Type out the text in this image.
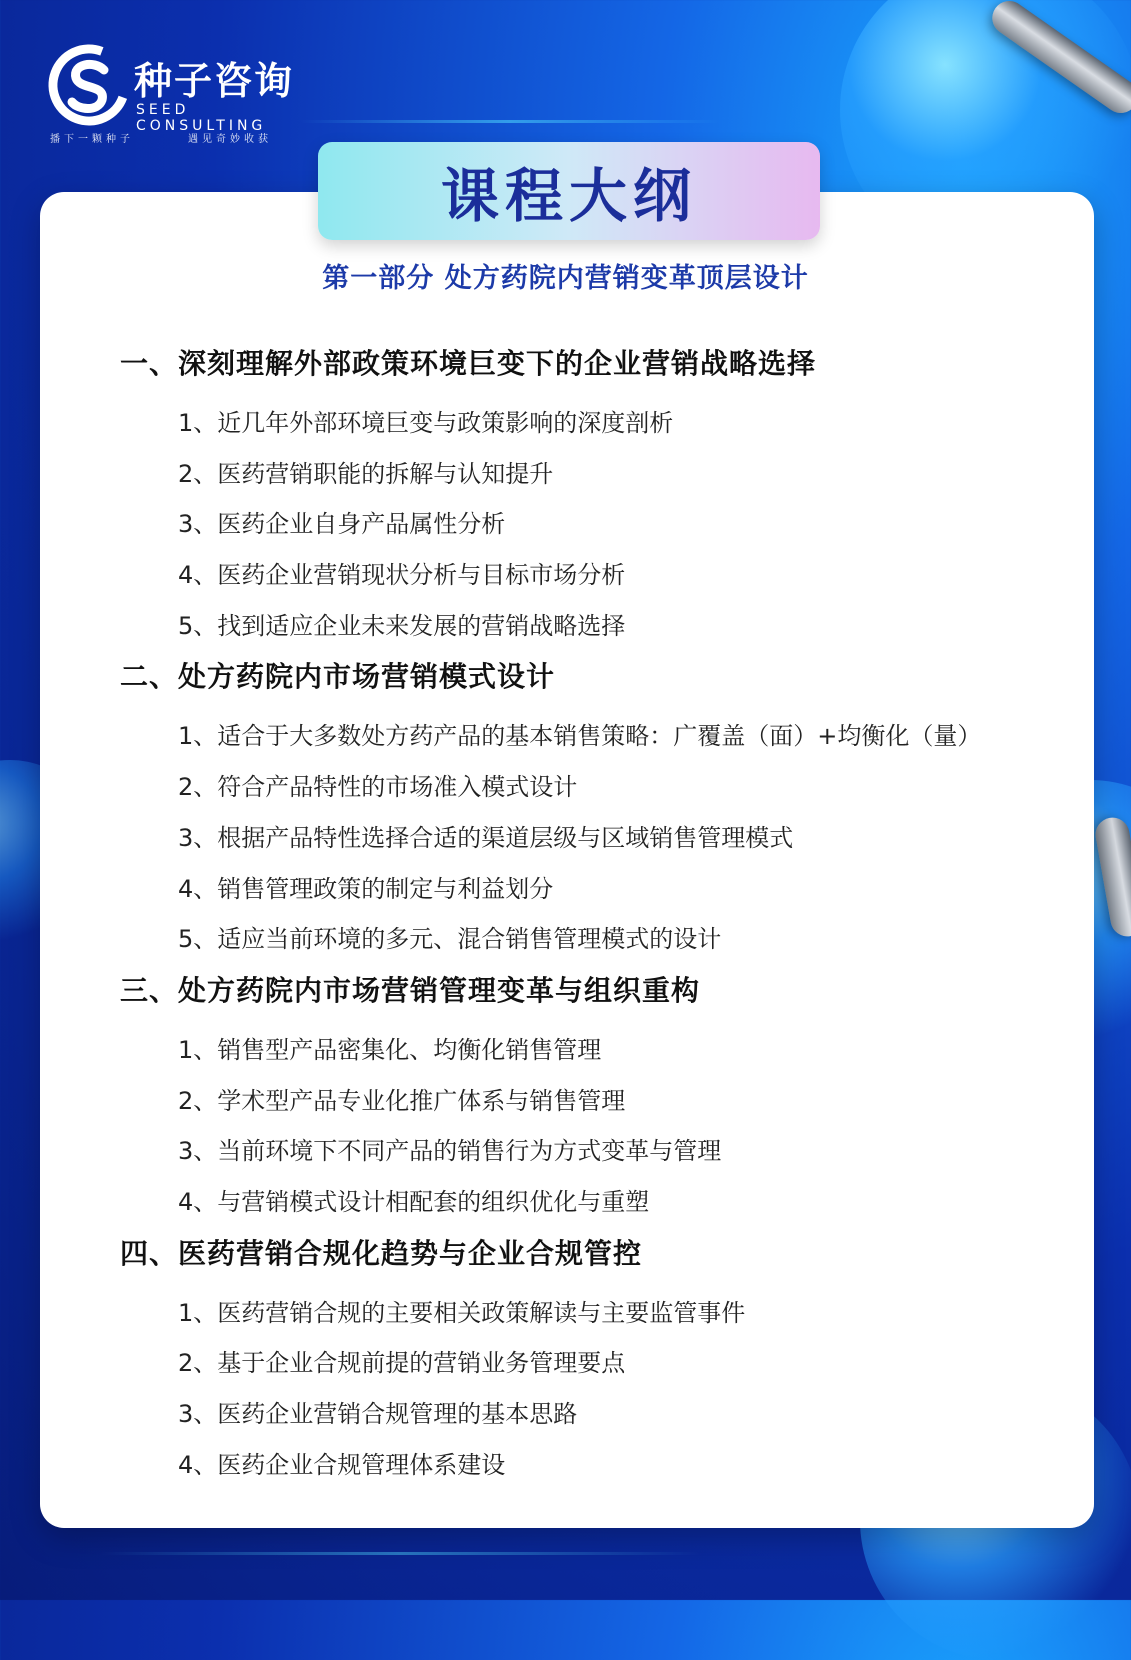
种子咨询
SEED CONSULTING
播下一颗种子	遇见奇妙收获
课程大纲
第一部分 处方药院内营销变革顶层设计
一、深刻理解外部政策环境巨变下的企业营销战略选择
1、近几年外部环境巨变与政策影响的深度剖析
2、医药营销职能的拆解与认知提升
3、医药企业自身产品属性分析
4、医药企业营销现状分析与目标市场分析
5、找到适应企业未来发展的营销战略选择
二、处方药院内市场营销模式设计
1、适合于大多数处方药产品的基本销售策略：广覆盖（面）+均衡化（量）
2、符合产品特性的市场准入模式设计
3、根据产品特性选择合适的渠道层级与区域销售管理模式
4、销售管理政策的制定与利益划分
5、适应当前环境的多元、混合销售管理模式的设计
三、处方药院内市场营销管理变革与组织重构
1、销售型产品密集化、均衡化销售管理
2、学术型产品专业化推广体系与销售管理
3、当前环境下不同产品的销售行为方式变革与管理
4、与营销模式设计相配套的组织优化与重塑
四、医药营销合规化趋势与企业合规管控
1、医药营销合规的主要相关政策解读与主要监管事件
2、基于企业合规前提的营销业务管理要点
3、医药企业营销合规管理的基本思路
4、医药企业合规管理体系建设
